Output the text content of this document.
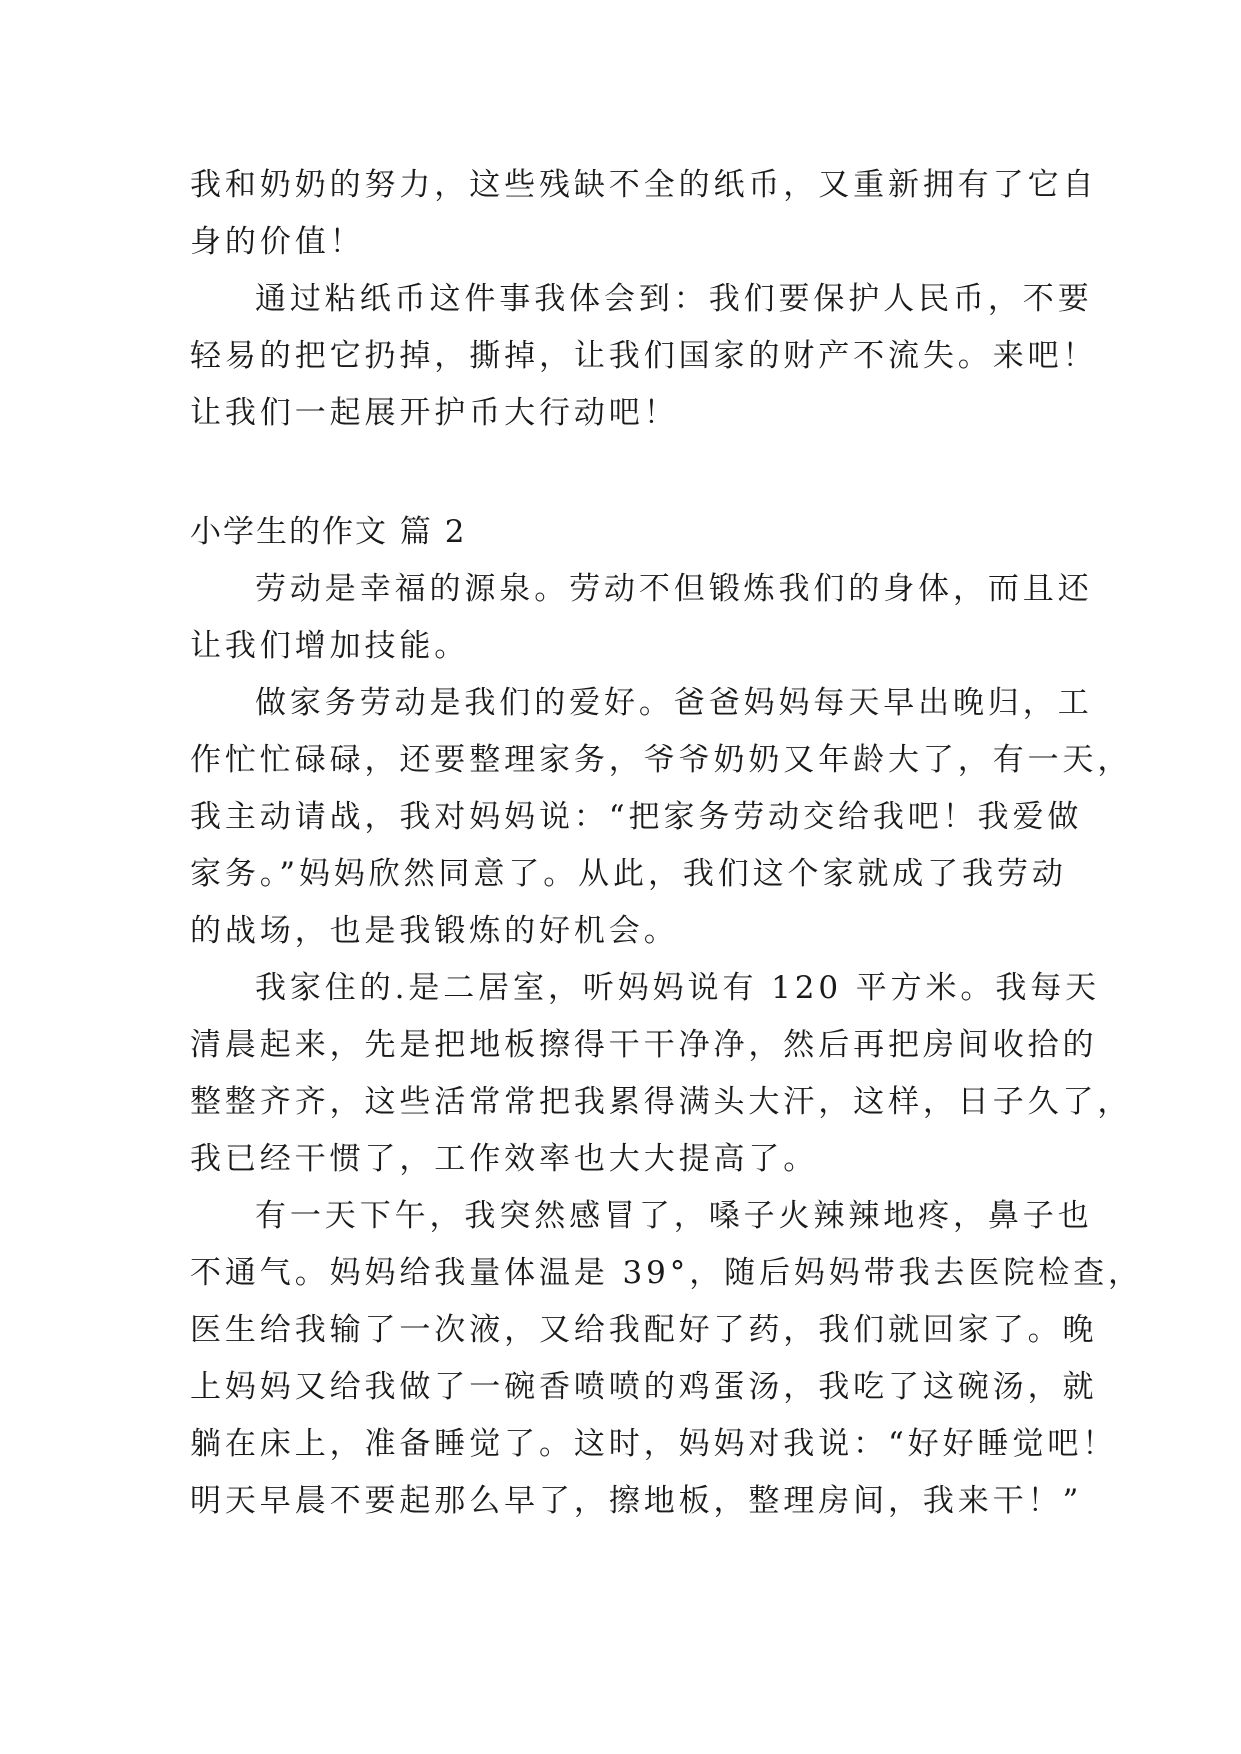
我和奶奶的努力，这些残缺不全的纸币，又重新拥有了它自
身的价值！
通过粘纸币这件事我体会到：我们要保护人民币，不要
轻易的把它扔掉，撕掉，让我们国家的财产不流失。来吧！
让我们一起展开护币大行动吧！
小学生的作文 篇 2
劳动是幸福的源泉。劳动不但锻炼我们的身体，而且还
让我们增加技能。
做家务劳动是我们的爱好。爸爸妈妈每天早出晚归，工
作忙忙碌碌，还要整理家务，爷爷奶奶又年龄大了，有一天，
我主动请战，我对妈妈说：“把家务劳动交给我吧！我爱做
家务。”妈妈欣然同意了。从此，我们这个家就成了我劳动
的战场，也是我锻炼的好机会。
我家住的.是二居室，听妈妈说有 120 平方米。我每天
清晨起来，先是把地板擦得干干净净，然后再把房间收拾的
整整齐齐，这些活常常把我累得满头大汗，这样，日子久了，
我已经干惯了，工作效率也大大提高了。
有一天下午，我突然感冒了，嗓子火辣辣地疼，鼻子也
不通气。妈妈给我量体温是 39°，随后妈妈带我去医院检查，
医生给我输了一次液，又给我配好了药，我们就回家了。晚
上妈妈又给我做了一碗香喷喷的鸡蛋汤，我吃了这碗汤，就
躺在床上，准备睡觉了。这时，妈妈对我说：“好好睡觉吧！
明天早晨不要起那么早了，擦地板，整理房间，我来干！”
